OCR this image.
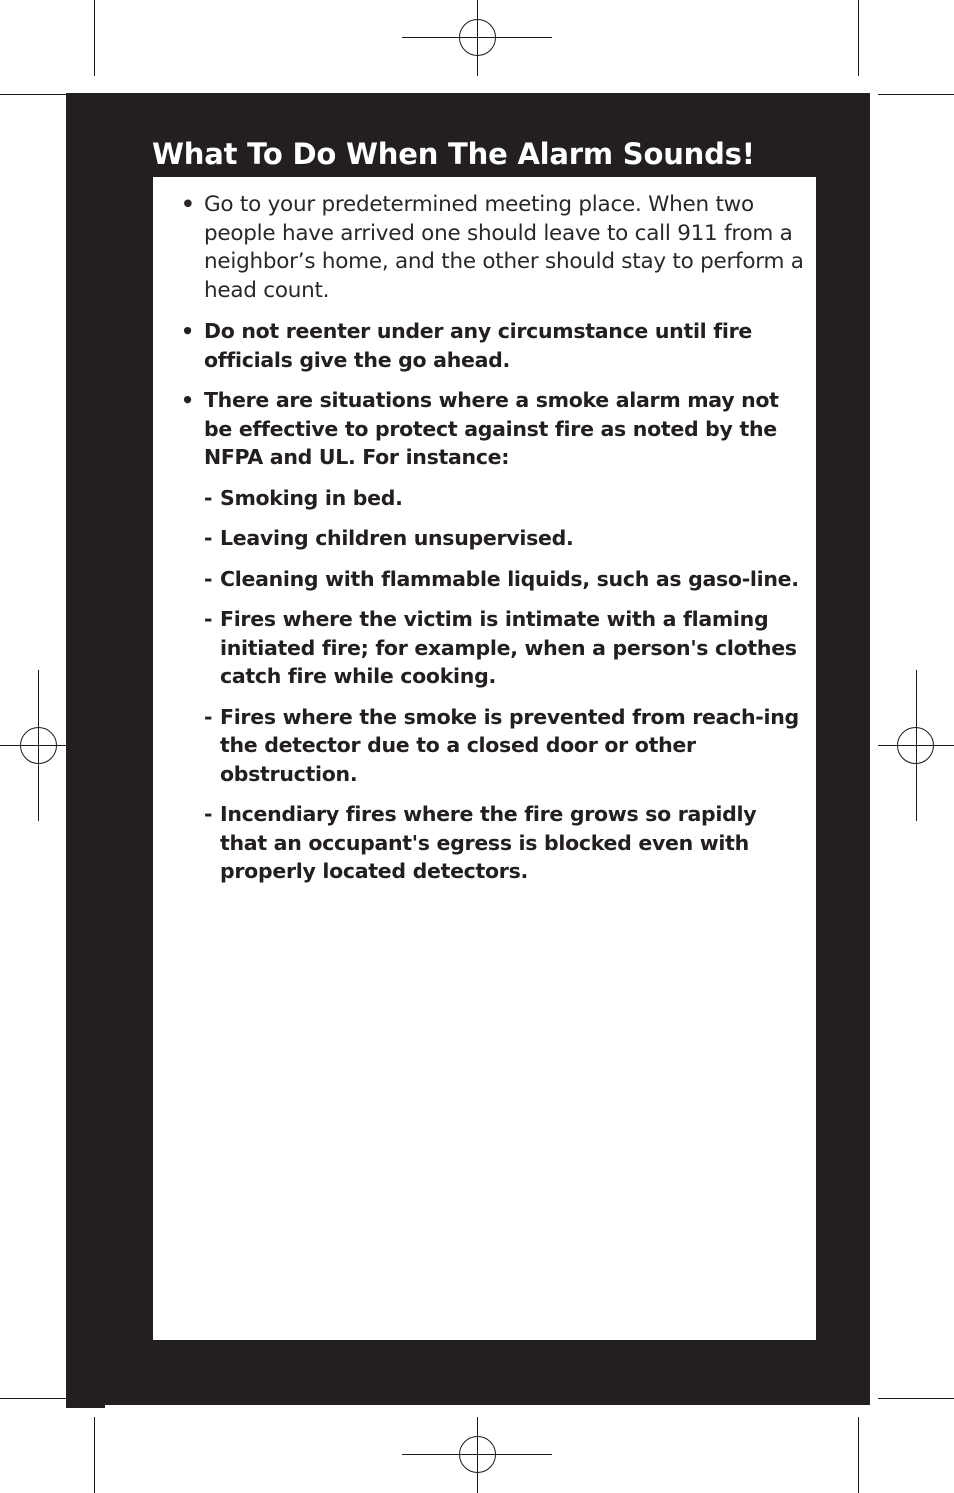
What To Do When The Alarm Sounds!
• Go to your predetermined meeting place. When two people have arrived one should leave to call 911 from a neighbor’s home, and the other should stay to perform a head count.
• Do not reenter under any circumstance until fire officials give the go ahead.
• There are situations where a smoke alarm may not be effective to protect against fire as noted by the NFPA and UL. For instance:
- Smoking in bed.
- Leaving children unsupervised.
- Cleaning with flammable liquids, such as gaso-line.
- Fires where the victim is intimate with a flaming initiated fire; for example, when a person's clothes catch fire while cooking.
- Fires where the smoke is prevented from reach-ing the detector due to a closed door or other obstruction.
- Incendiary fires where the fire grows so rapidly that an occupant's egress is blocked even with properly located detectors.
